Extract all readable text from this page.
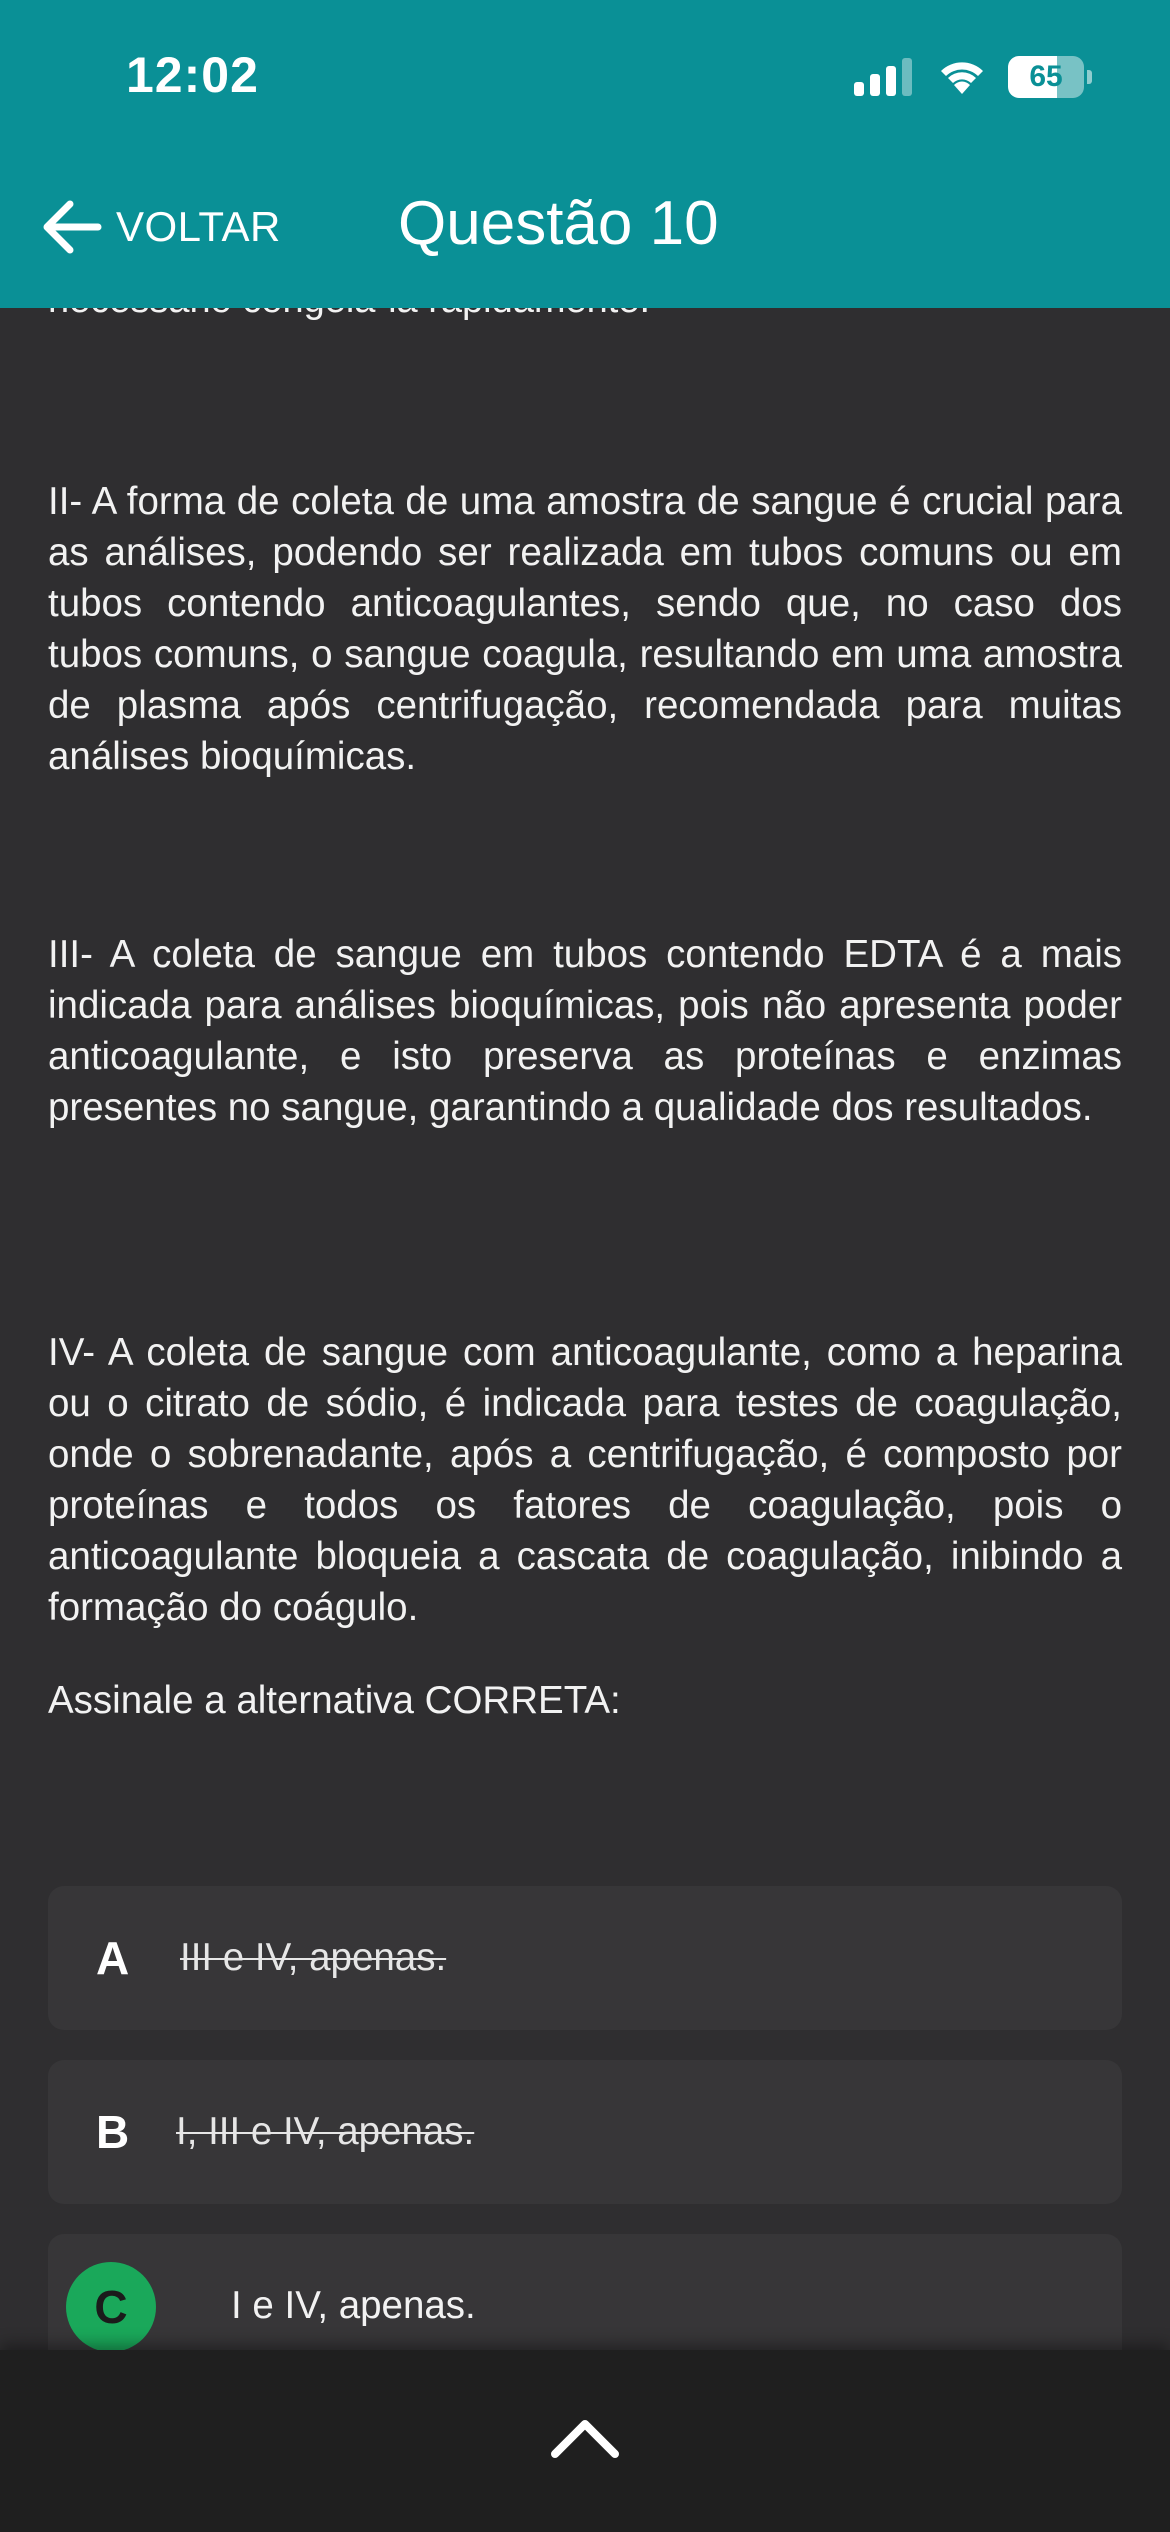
II- A forma de coleta de uma amostra de sangue é crucial para as análises, podendo ser realizada em tubos comuns ou em tubos contendo anticoagulantes, sendo que, no caso dos tubos comuns, o sangue coagula, resultando em uma amostra de plasma após centrifugação, recomendada para muitas análises bioquímicas.
III- A coleta de sangue em tubos contendo EDTA é a mais indicada para análises bioquímicas, pois não apresenta poder anticoagulante, e isto preserva as proteínas e enzimas presentes no sangue, garantindo a qualidade dos resultados.
IV- A coleta de sangue com anticoagulante, como a heparina ou o citrato de sódio, é indicada para testes de coagulação, onde o sobrenadante, após a centrifugação, é composto por proteínas e todos os fatores de coagulação, pois o anticoagulante bloqueia a cascata de coagulação, inibindo a formação do coágulo.
Assinale a alternativa CORRETA:
A III e IV, apenas.
B I, III e IV, apenas.
C	I e IV, apenas.
12:02	65
VOLTAR Questão 10
